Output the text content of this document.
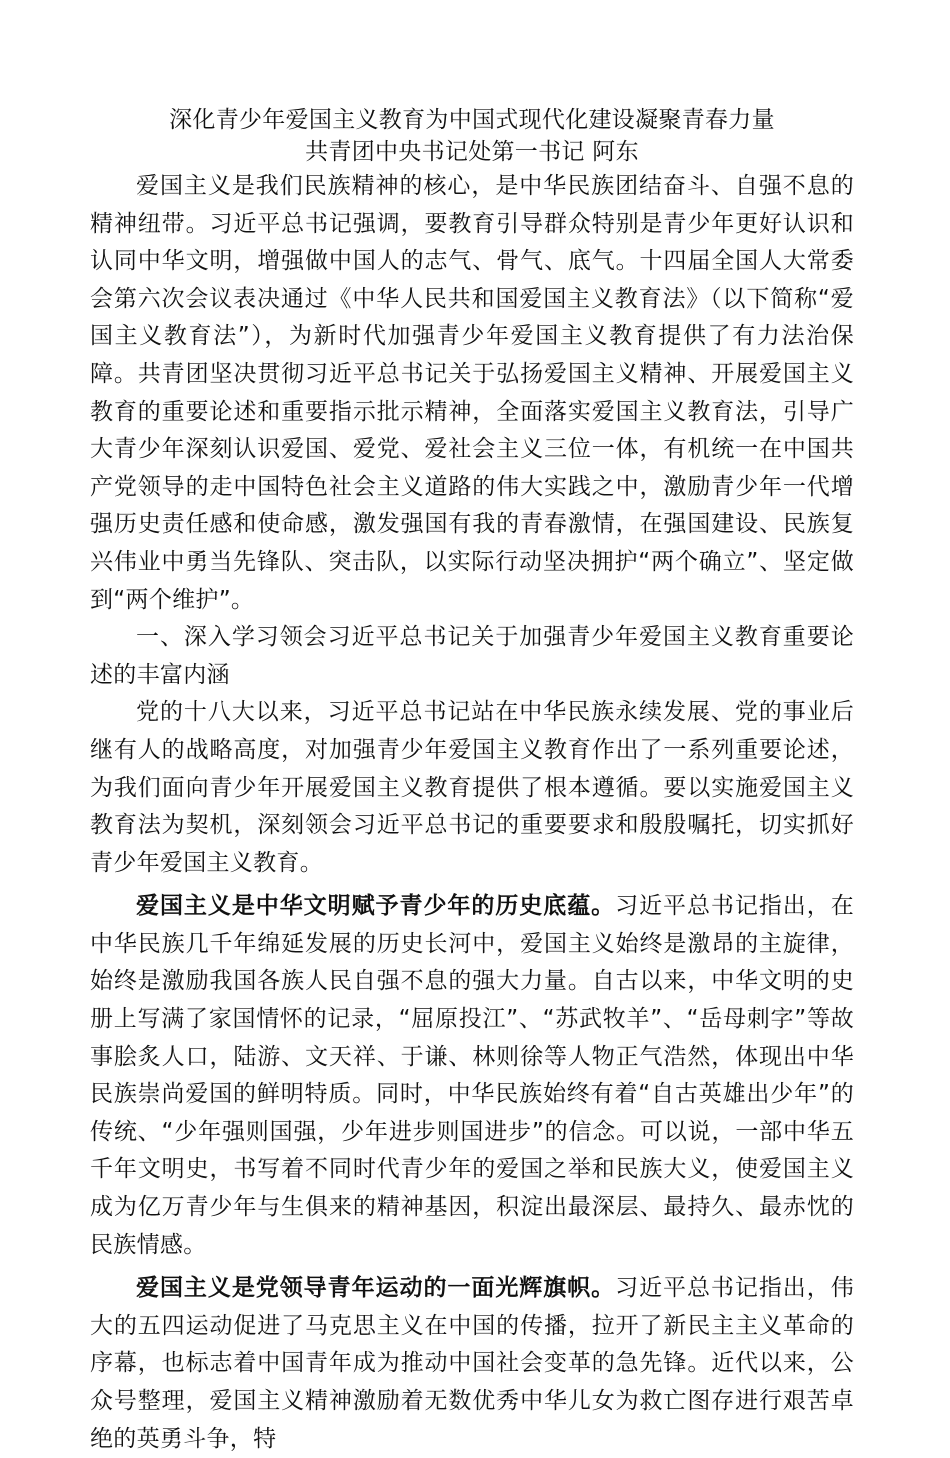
深化青少年爱国主义教育为中国式现代化建设凝聚青春力量
共青团中央书记处第一书记 阿东

爱国主义是我们民族精神的核心，是中华民族团结奋斗、自强不息的精神纽带。习近平总书记强调，要教育引导群众特别是青少年更好认识和认同中华文明，增强做中国人的志气、骨气、底气。十四届全国人大常委会第六次会议表决通过《中华人民共和国爱国主义教育法》（以下简称“爱国主义教育法”），为新时代加强青少年爱国主义教育提供了有力法治保障。共青团坚决贯彻习近平总书记关于弘扬爱国主义精神、开展爱国主义教育的重要论述和重要指示批示精神，全面落实爱国主义教育法，引导广大青少年深刻认识爱国、爱党、爱社会主义三位一体，有机统一在中国共产党领导的走中国特色社会主义道路的伟大实践之中，激励青少年一代增强历史责任感和使命感，激发强国有我的青春激情，在强国建设、民族复兴伟业中勇当先锋队、突击队，以实际行动坚决拥护“两个确立”、坚定做到“两个维护”。

一、深入学习领会习近平总书记关于加强青少年爱国主义教育重要论述的丰富内涵

党的十八大以来，习近平总书记站在中华民族永续发展、党的事业后继有人的战略高度，对加强青少年爱国主义教育作出了一系列重要论述，为我们面向青少年开展爱国主义教育提供了根本遵循。要以实施爱国主义教育法为契机，深刻领会习近平总书记的重要要求和殷殷嘱托，切实抓好青少年爱国主义教育。

爱国主义是中华文明赋予青少年的历史底蕴。习近平总书记指出，在中华民族几千年绵延发展的历史长河中，爱国主义始终是激昂的主旋律，始终是激励我国各族人民自强不息的强大力量。自古以来，中华文明的史册上写满了家国情怀的记录，“屈原投江”、“苏武牧羊”、“岳母刺字”等故事脍炙人口，陆游、文天祥、于谦、林则徐等人物正气浩然，体现出中华民族崇尚爱国的鲜明特质。同时，中华民族始终有着“自古英雄出少年”的传统、“少年强则国强，少年进步则国进步”的信念。可以说，一部中华五千年文明史，书写着不同时代青少年的爱国之举和民族大义，使爱国主义成为亿万青少年与生俱来的精神基因，积淀出最深层、最持久、最赤忱的民族情感。

爱国主义是党领导青年运动的一面光辉旗帜。习近平总书记指出，伟大的五四运动促进了马克思主义在中国的传播，拉开了新民主主义革命的序幕，也标志着中国青年成为推动中国社会变革的急先锋。近代以来，公众号整理，爱国主义精神激励着无数优秀中华儿女为救亡图存进行艰苦卓绝的英勇斗争，特
